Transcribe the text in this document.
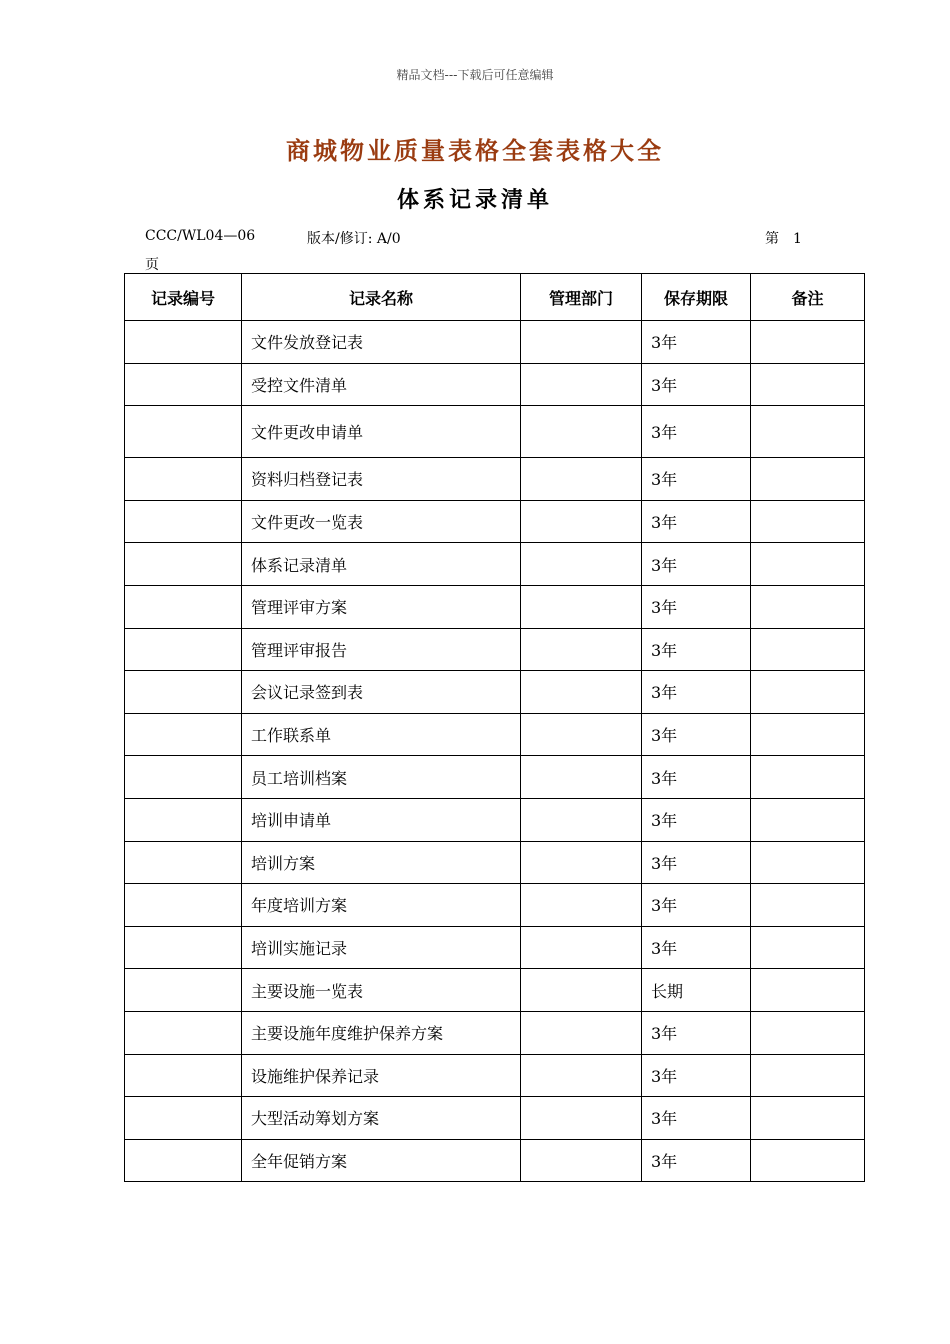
精品文档---下载后可任意编辑
商城物业质量表格全套表格大全
体系记录清单
CCC/WL04—06	版本/修订: A/0	第　1
页
记录编号	记录名称	管理部门	保存期限	备注
	文件发放登记表		3年	
	受控文件清单		3年	
	文件更改申请单		3年	
	资料归档登记表		3年	
	文件更改一览表		3年	
	体系记录清单		3年	
	管理评审方案		3年	
	管理评审报告		3年	
	会议记录签到表		3年	
	工作联系单		3年	
	员工培训档案		3年	
	培训申请单		3年	
	培训方案		3年	
	年度培训方案		3年	
	培训实施记录		3年	
	主要设施一览表		长期	
	主要设施年度维护保养方案		3年	
	设施维护保养记录		3年	
	大型活动筹划方案		3年	
	全年促销方案		3年	
